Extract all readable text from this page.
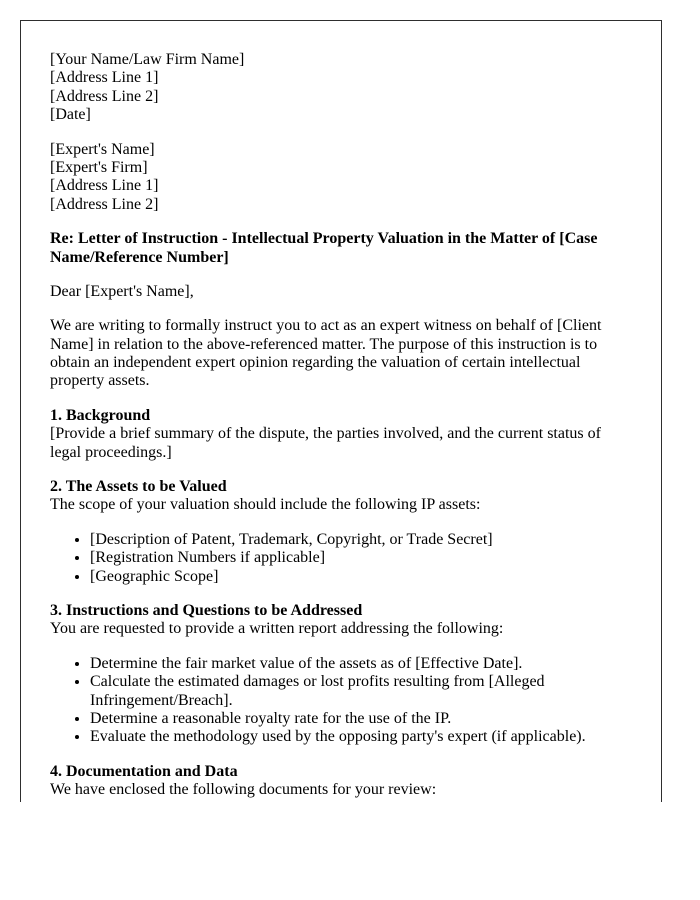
[Your Name/Law Firm Name]
[Address Line 1]
[Address Line 2]
[Date]
[Expert's Name]
[Expert's Firm]
[Address Line 1]
[Address Line 2]
Re: Letter of Instruction - Intellectual Property Valuation in the Matter of [Case Name/Reference Number]
Dear [Expert's Name],
We are writing to formally instruct you to act as an expert witness on behalf of [Client Name] in relation to the above-referenced matter. The purpose of this instruction is to obtain an independent expert opinion regarding the valuation of certain intellectual property assets.
1. Background
[Provide a brief summary of the dispute, the parties involved, and the current status of legal proceedings.]
2. The Assets to be Valued
The scope of your valuation should include the following IP assets:
• [Description of Patent, Trademark, Copyright, or Trade Secret]
• [Registration Numbers if applicable]
• [Geographic Scope]
3. Instructions and Questions to be Addressed
You are requested to provide a written report addressing the following:
• Determine the fair market value of the assets as of [Effective Date].
• Calculate the estimated damages or lost profits resulting from [Alleged Infringement/Breach].
• Determine a reasonable royalty rate for the use of the IP.
• Evaluate the methodology used by the opposing party's expert (if applicable).
4. Documentation and Data
We have enclosed the following documents for your review:
